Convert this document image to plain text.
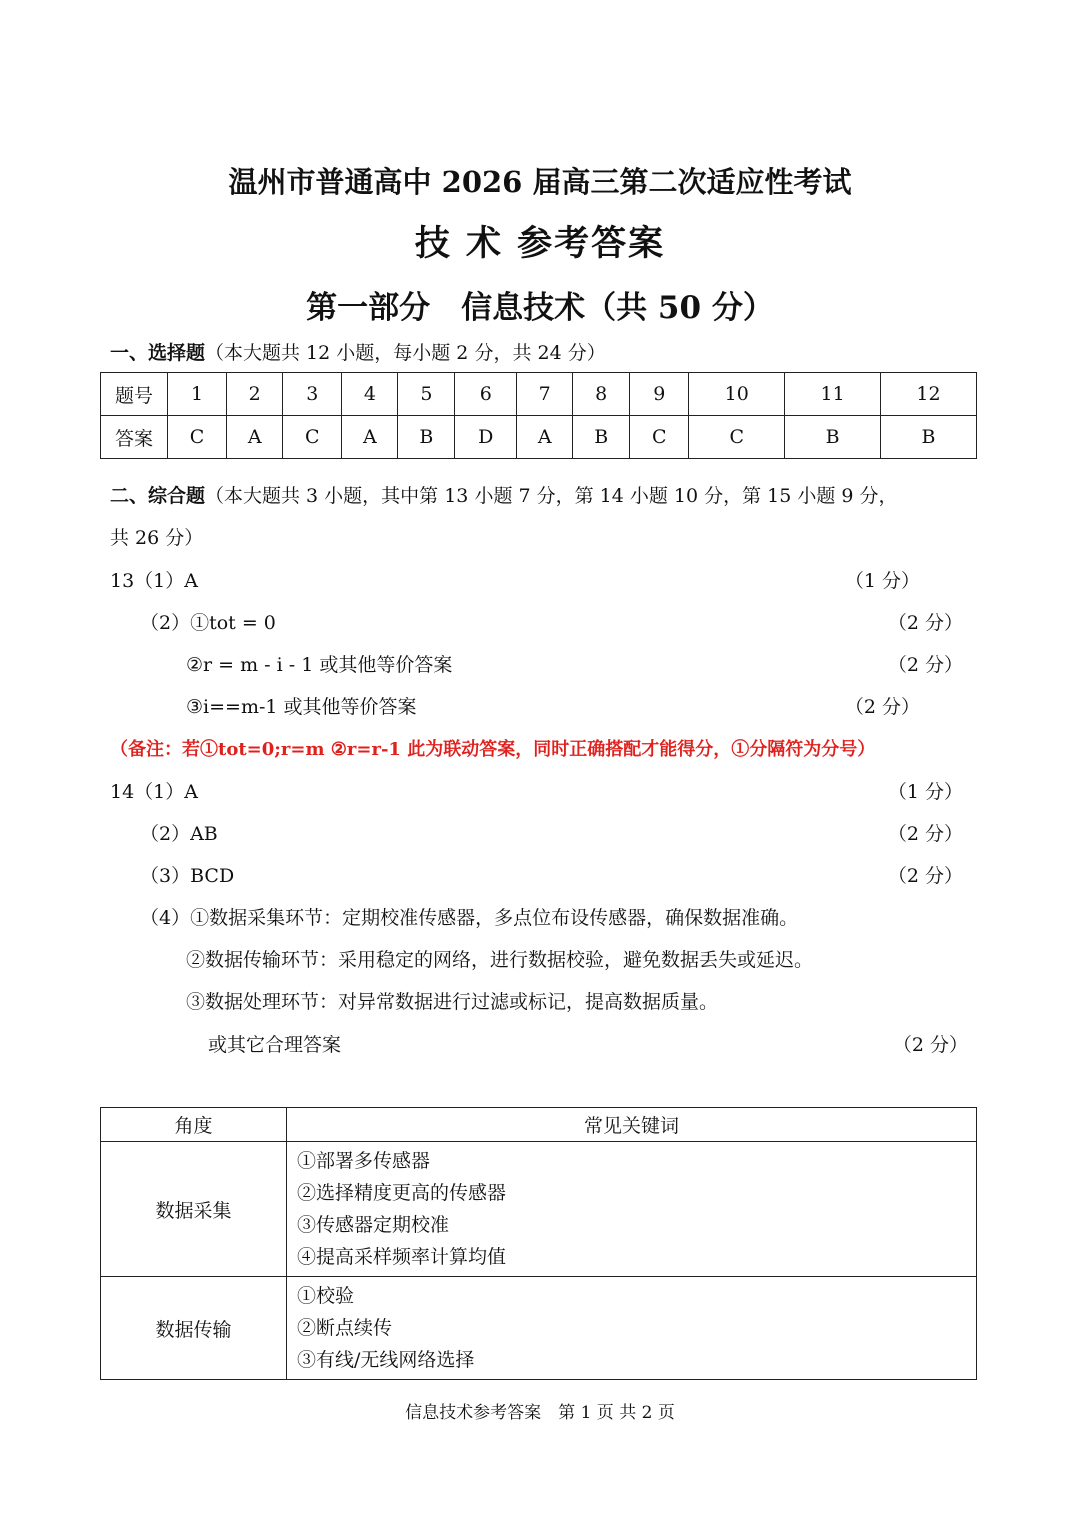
温州市普通高中 2026 届高三第二次适应性考试
技 术 参考答案
第一部分　信息技术（共 50 分）
一、选择题（本大题共 12 小题，每小题 2 分，共 24 分）
题号	1	2	3	4	5	6	7	8	9	10	11	12
答案	C	A	C	A	B	D	A	B	C	C	B	B
二、综合题（本大题共 3 小题，其中第 13 小题 7 分，第 14 小题 10 分，第 15 小题 9 分，
共 26 分）
13（1）A	（1 分）
（2）①tot = 0	（2 分）
②r = m - i - 1 或其他等价答案	（2 分）
③i==m-1 或其他等价答案	（2 分）
（备注：若①tot=0;r=m ②r=r-1 此为联动答案，同时正确搭配才能得分，①分隔符为分号）
14（1）A	（1 分）
（2）AB	（2 分）
（3）BCD	（2 分）
（4）①数据采集环节：定期校准传感器，多点位布设传感器，确保数据准确。
②数据传输环节：采用稳定的网络，进行数据校验，避免数据丢失或延迟。
③数据处理环节：对异常数据进行过滤或标记，提高数据质量。
或其它合理答案	（2 分）
角度	常见关键词
数据采集	①部署多传感器
②选择精度更高的传感器
③传感器定期校准
④提高采样频率计算均值

数据传输	①校验
②断点续传
③有线/无线网络选择
信息技术参考答案　第 1 页 共 2 页
